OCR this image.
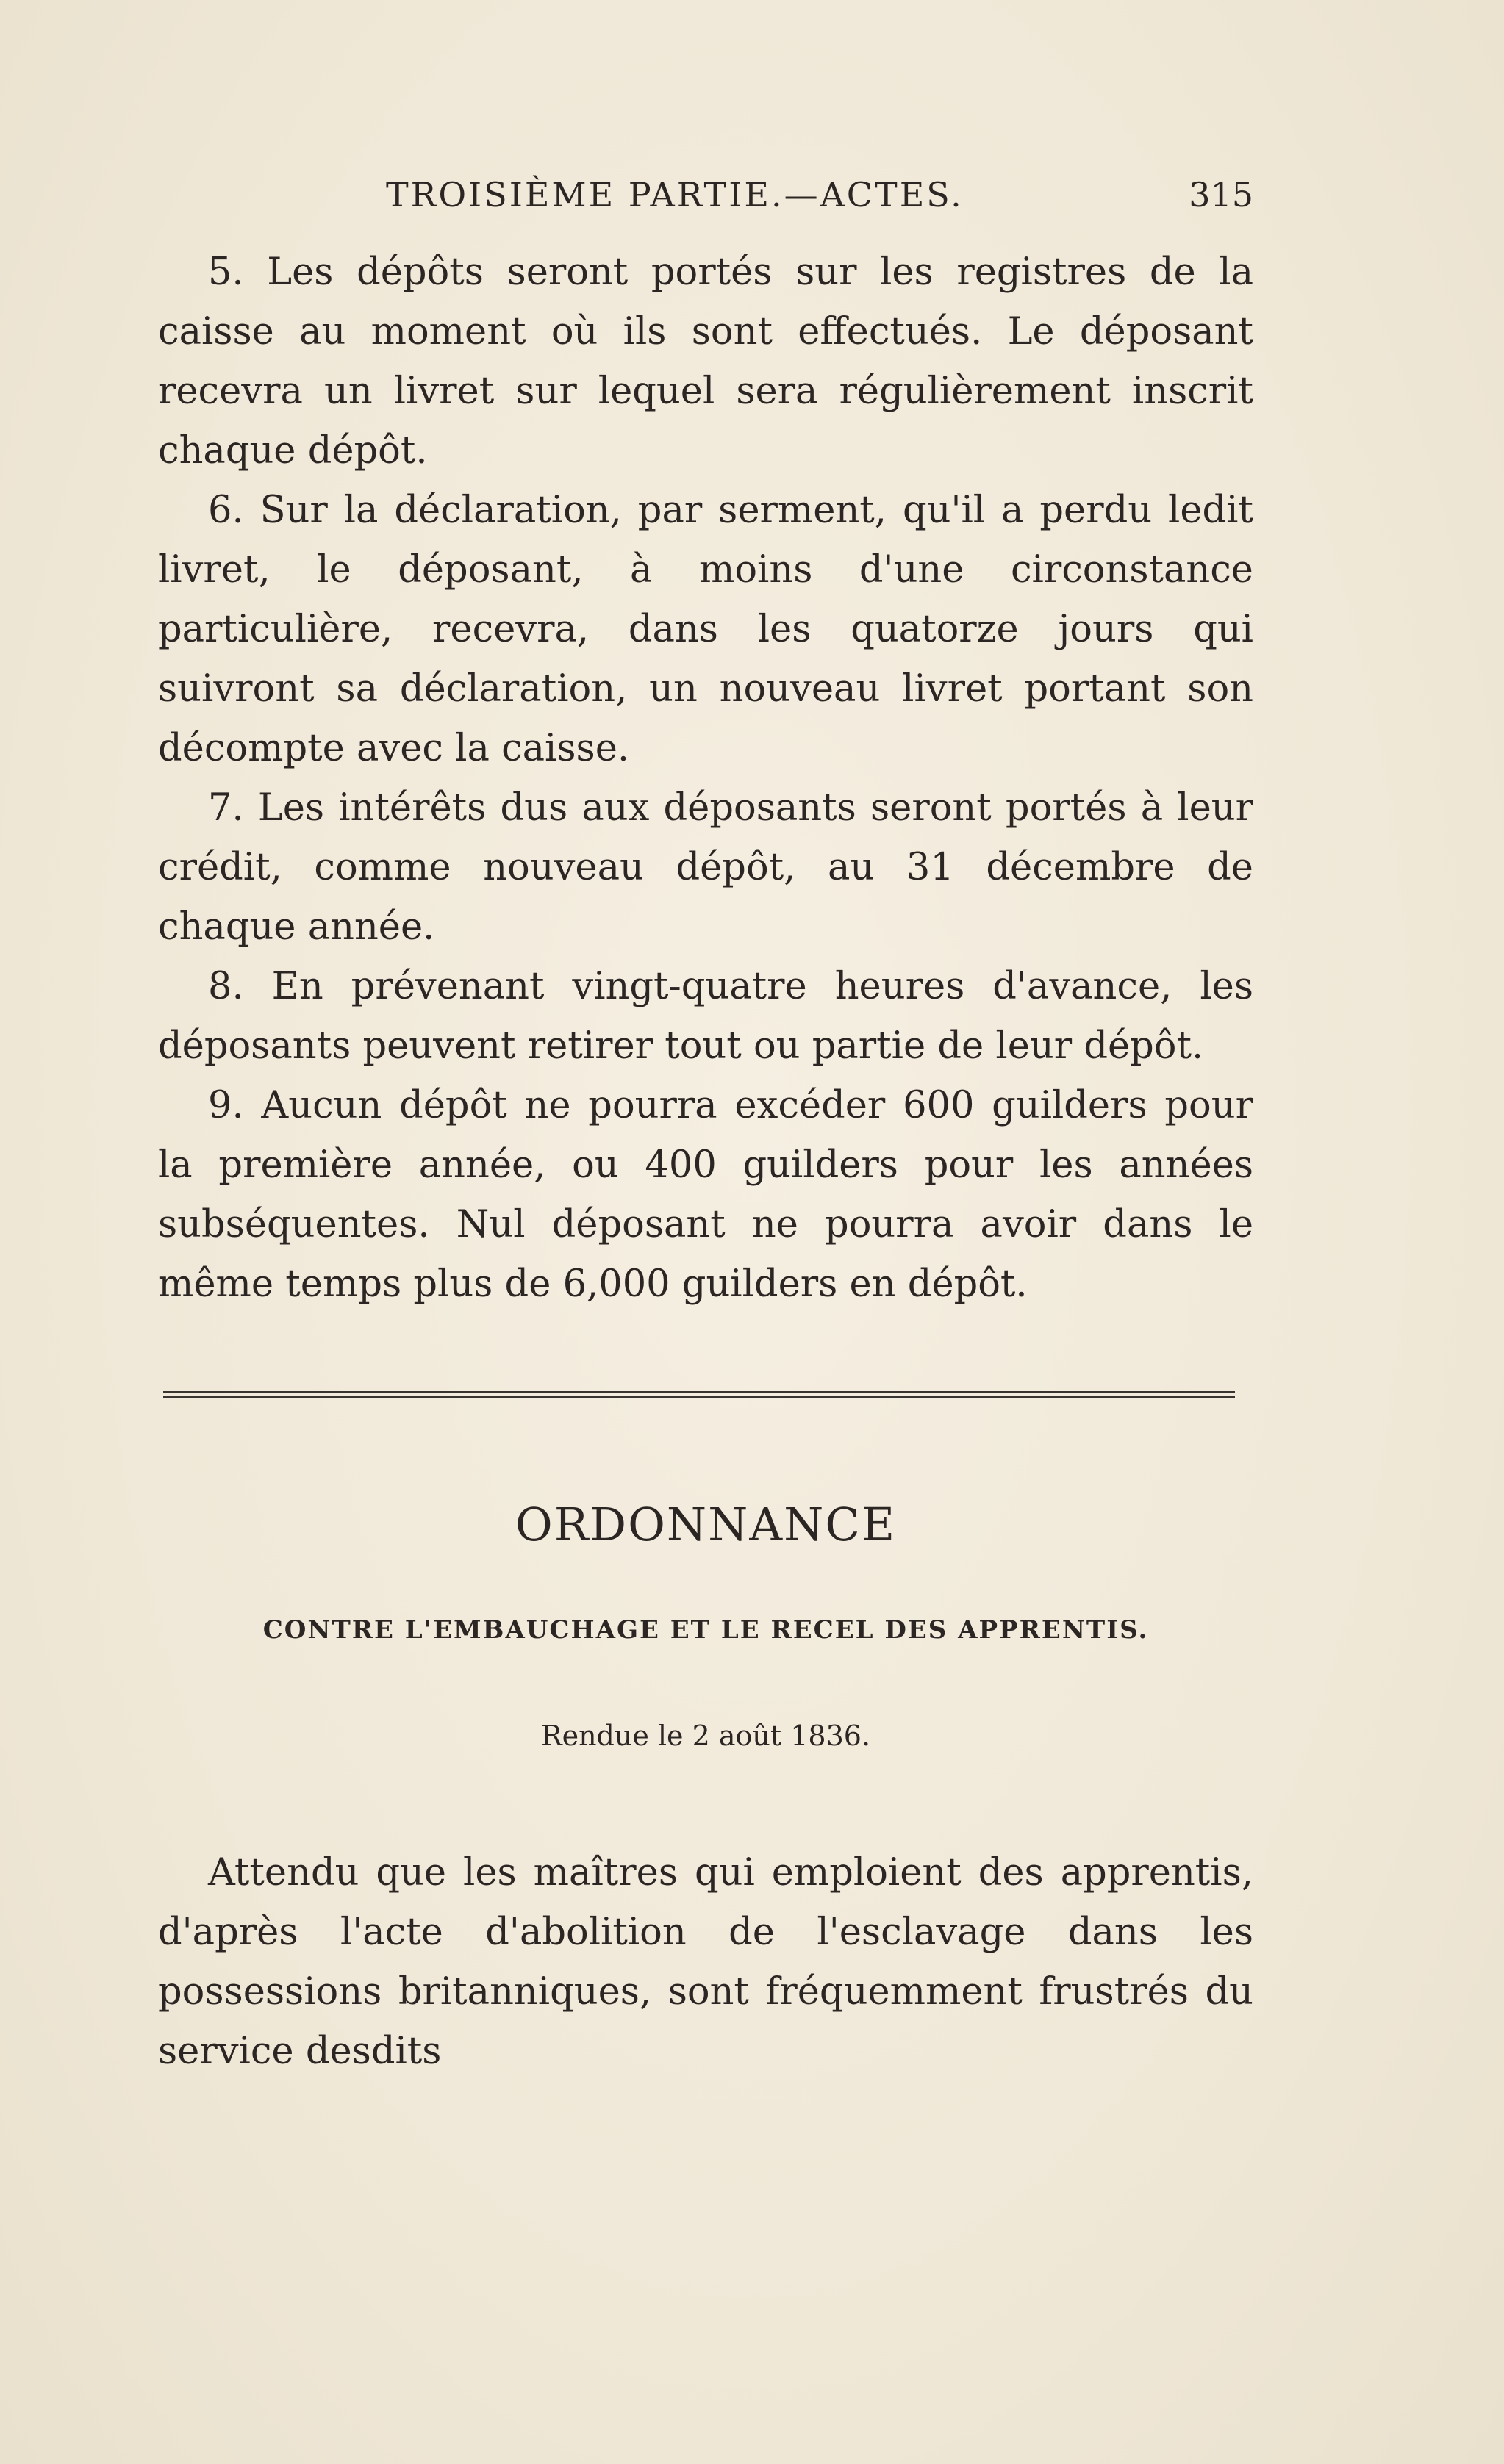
TROISIÈME PARTIE.—ACTES.	315

5. Les dépôts seront portés sur les registres de la caisse au moment où ils sont effectués. Le déposant recevra un livret sur lequel sera régulièrement inscrit chaque dépôt.

6. Sur la déclaration, par serment, qu'il a perdu ledit livret, le déposant, à moins d'une circonstance particulière, recevra, dans les quatorze jours qui suivront sa déclaration, un nouveau livret portant son décompte avec la caisse.

7. Les intérêts dus aux déposants seront portés à leur crédit, comme nouveau dépôt, au 31 décembre de chaque année.

8. En prévenant vingt-quatre heures d'avance, les déposants peuvent retirer tout ou partie de leur dépôt.

9. Aucun dépôt ne pourra excéder 600 guilders pour la première année, ou 400 guilders pour les années subséquentes. Nul déposant ne pourra avoir dans le même temps plus de 6,000 guilders en dépôt.

ORDONNANCE
CONTRE L'EMBAUCHAGE ET LE RECEL DES APPRENTIS.
Rendue le 2 août 1836.

Attendu que les maîtres qui emploient des apprentis, d'après l'acte d'abolition de l'esclavage dans les possessions britanniques, sont fréquemment frustrés du service desdits
